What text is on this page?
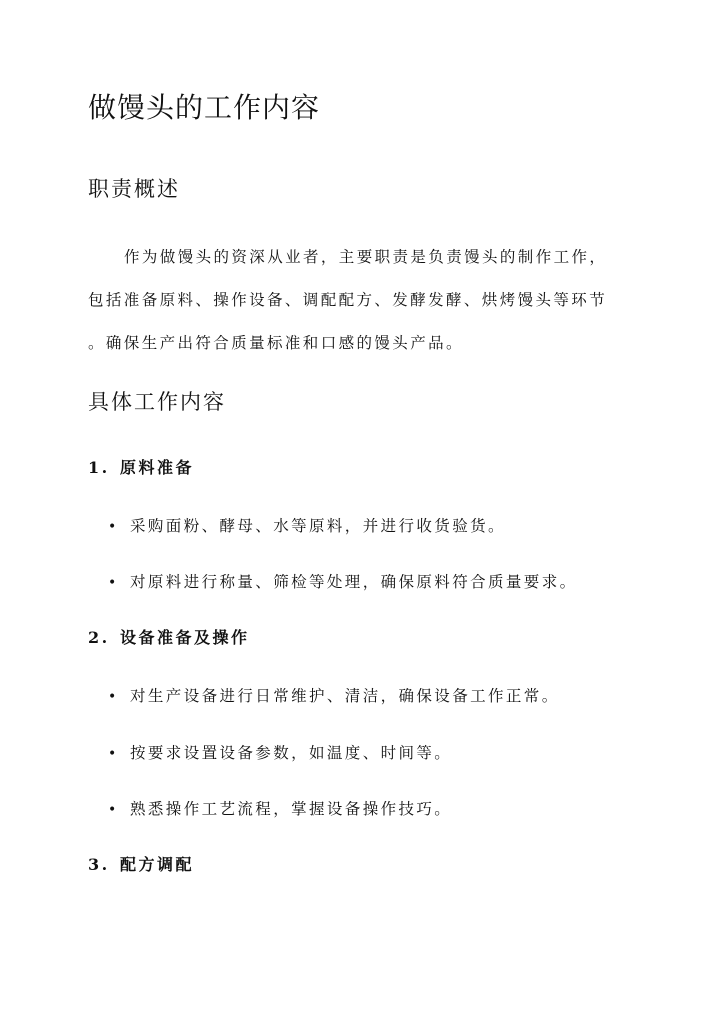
做馒头的工作内容
职责概述
作为做馒头的资深从业者，主要职责是负责馒头的制作工作，
包括准备原料、操作设备、调配配方、发酵发酵、烘烤馒头等环节
。确保生产出符合质量标准和口感的馒头产品。
具体工作内容
1. 原料准备
• 采购面粉、酵母、水等原料，并进行收货验货。
• 对原料进行称量、筛检等处理，确保原料符合质量要求。
2. 设备准备及操作
• 对生产设备进行日常维护、清洁，确保设备工作正常。
• 按要求设置设备参数，如温度、时间等。
• 熟悉操作工艺流程，掌握设备操作技巧。
3. 配方调配
